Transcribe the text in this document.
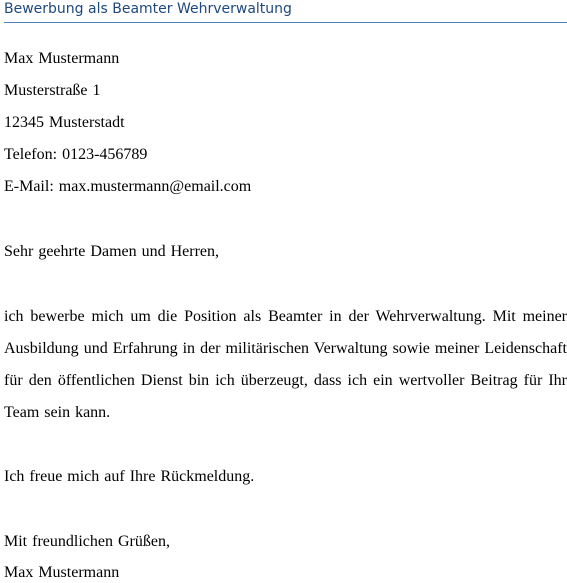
Bewerbung als Beamter Wehrverwaltung
Max Mustermann
Musterstraße 1
12345 Musterstadt
Telefon: 0123-456789
E-Mail: max.mustermann@email.com
Sehr geehrte Damen und Herren,
ich bewerbe mich um die Position als Beamter in der Wehrverwaltung. Mit meiner
Ausbildung und Erfahrung in der militärischen Verwaltung sowie meiner Leidenschaft
für den öffentlichen Dienst bin ich überzeugt, dass ich ein wertvoller Beitrag für Ihr
Team sein kann.
Ich freue mich auf Ihre Rückmeldung.
Mit freundlichen Grüßen,
Max Mustermann
